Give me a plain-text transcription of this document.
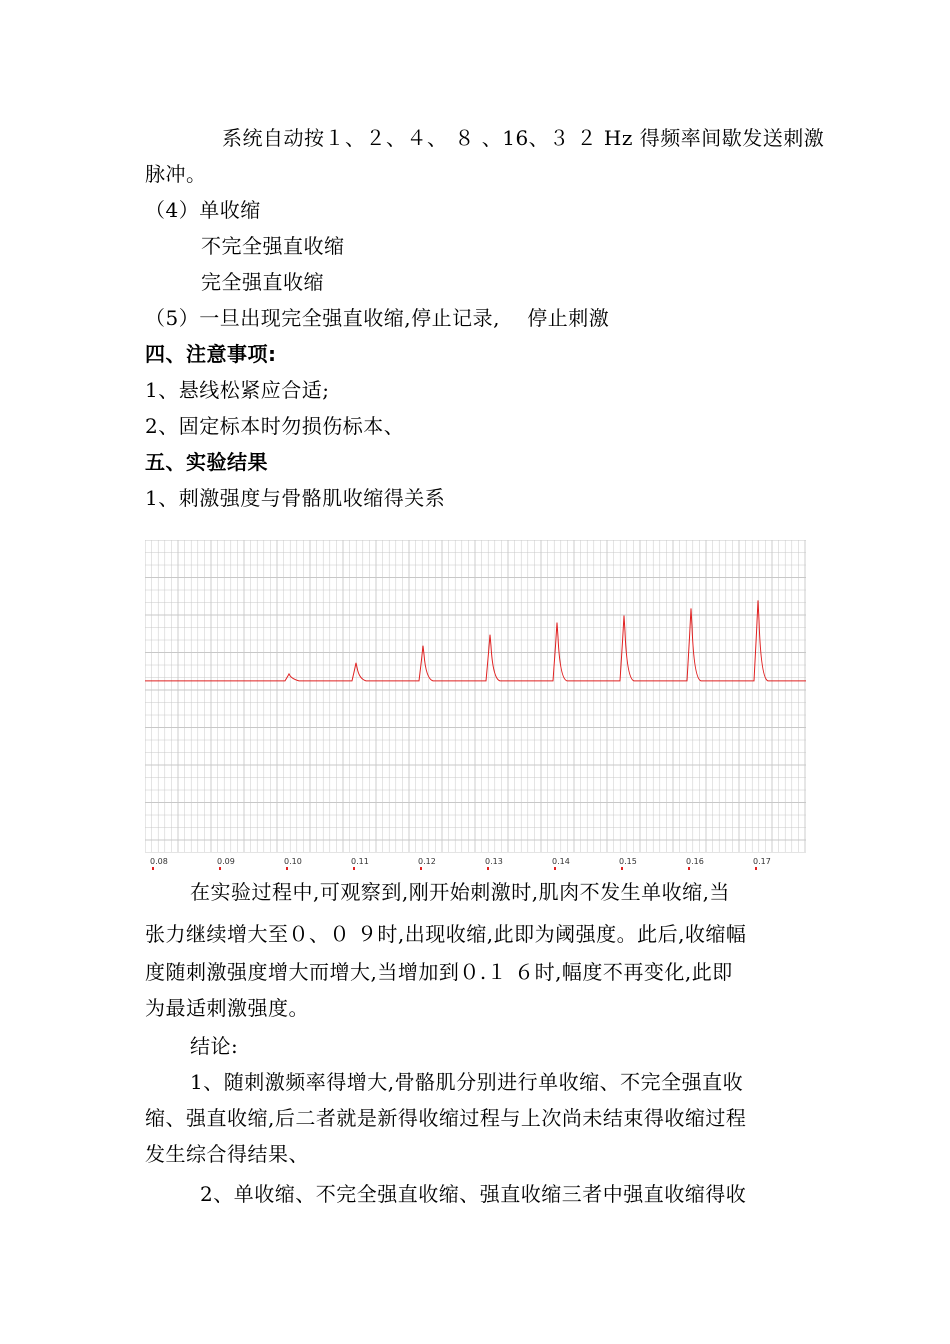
系统自动按１、２、４、 ８ 、16、３ ２ Hz 得频率间歇发送刺激
脉冲。
（4）单收缩
不完全强直收缩
完全强直收缩
（5）一旦出现完全强直收缩,停止记录,　 停止刺激
四、注意事项:
1、悬线松紧应合适;
2、固定标本时勿损伤标本、
五、实验结果
1、刺激强度与骨骼肌收缩得关系
0.08	0.09	0.10	0.11	0.12	0.13	0.14	0.15	0.16	0.17
在实验过程中,可观察到,刚开始刺激时,肌肉不发生单收缩,当
张力继续增大至０、０ ９时,出现收缩,此即为阈强度。此后,收缩幅
度随刺激强度增大而增大,当增加到０.１ ６时,幅度不再变化,此即
为最适刺激强度。
结论:
1、随刺激频率得增大,骨骼肌分别进行单收缩、不完全强直收
缩、强直收缩,后二者就是新得收缩过程与上次尚未结束得收缩过程
发生综合得结果、
2、单收缩、不完全强直收缩、强直收缩三者中强直收缩得收
